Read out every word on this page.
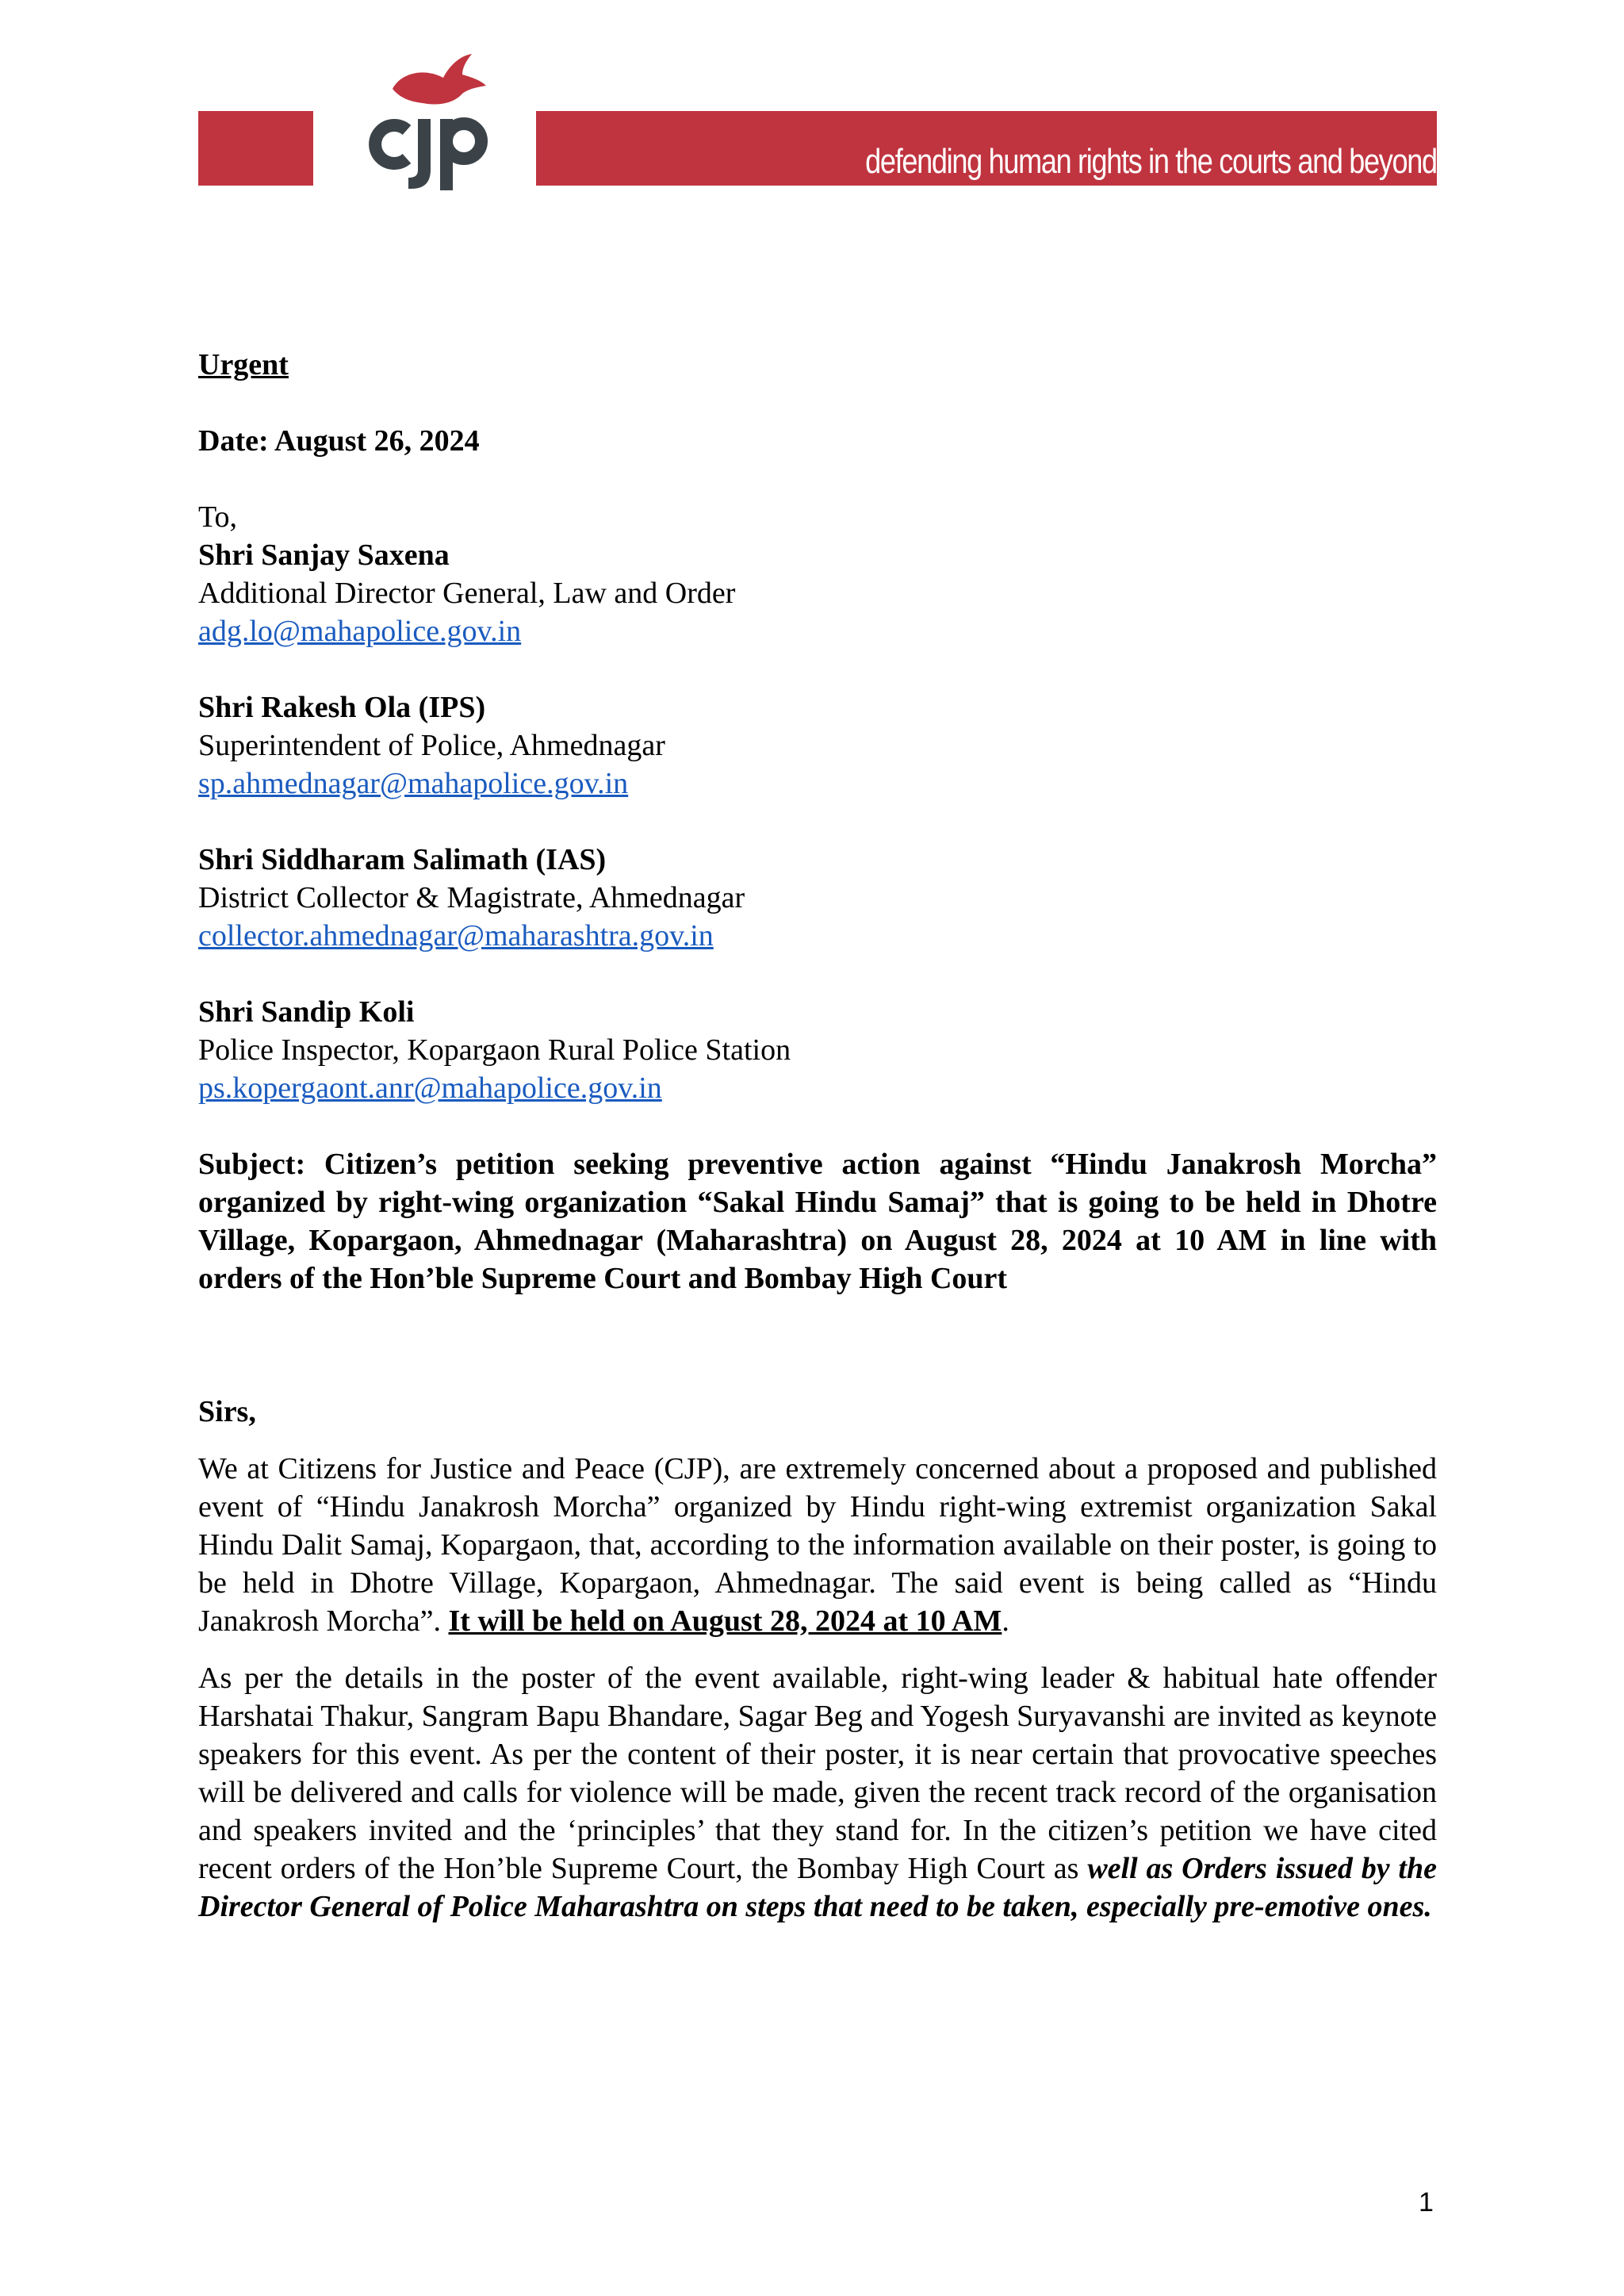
defending human rights in the courts and beyond

Urgent

Date: August 26, 2024

To,

Shri Sanjay Saxena

Additional Director General, Law and Order

adg.lo@mahapolice.gov.in

Shri Rakesh Ola (IPS)

Superintendent of Police, Ahmednagar

sp.ahmednagar@mahapolice.gov.in

Shri Siddharam Salimath (IAS)

District Collector & Magistrate, Ahmednagar

collector.ahmednagar@maharashtra.gov.in

Shri Sandip Koli

Police Inspector, Kopargaon Rural Police Station

ps.kopergaont.anr@mahapolice.gov.in

Subject: Citizen’s petition seeking preventive action against “Hindu Janakrosh Morcha” organized by right-wing organization “Sakal Hindu Samaj” that is going to be held in Dhotre Village, Kopargaon, Ahmednagar (Maharashtra) on August 28, 2024 at 10 AM in line with orders of the Hon’ble Supreme Court and Bombay High Court

Sirs,

We at Citizens for Justice and Peace (CJP), are extremely concerned about a proposed and published event of “Hindu Janakrosh Morcha” organized by Hindu right-wing extremist organization Sakal Hindu Dalit Samaj, Kopargaon, that, according to the information available on their poster, is going to be held in Dhotre Village, Kopargaon, Ahmednagar. The said event is being called as “Hindu Janakrosh Morcha”. It will be held on August 28, 2024 at 10 AM.

As per the details in the poster of the event available, right-wing leader & habitual hate offender Harshatai Thakur, Sangram Bapu Bhandare, Sagar Beg and Yogesh Suryavanshi are invited as keynote speakers for this event. As per the content of their poster, it is near certain that provocative speeches will be delivered and calls for violence will be made, given the recent track record of the organisation and speakers invited and the ‘principles’ that they stand for. In the citizen’s petition we have cited recent orders of the Hon’ble Supreme Court, the Bombay High Court as well as Orders issued by the Director General of Police Maharashtra on steps that need to be taken, especially pre-emotive ones.

1
